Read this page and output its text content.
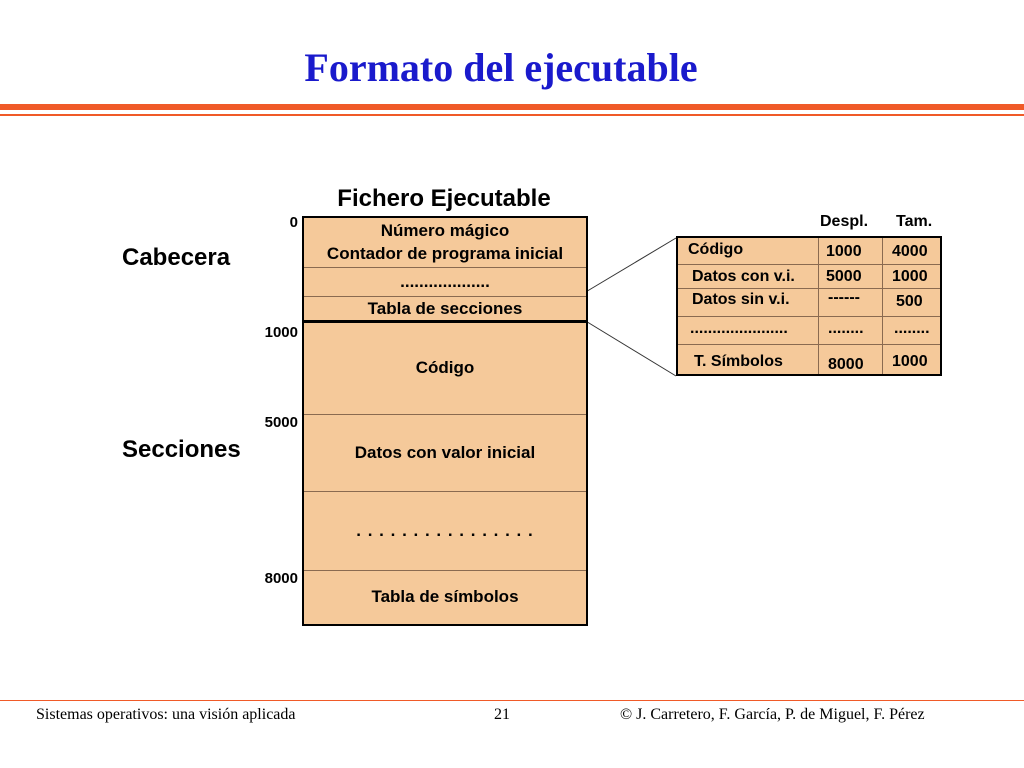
Formato del ejecutable
Fichero Ejecutable
Cabecera
Secciones
0
1000
5000
8000
Número mágico
Contador de programa inicial
...................
Tabla de secciones
Código
Datos con valor inicial
. . . . . . . . . . . . . . . .
Tabla de símbolos
Despl. Tam.
Código	1000 4000
Datos con v.i. 5000 1000
Datos sin v.i. ------ 500
......................	........ ........
T. Símbolos	8000 1000
Sistemas operativos: una visión aplicada	21	© J. Carretero, F. García, P. de Miguel, F. Pérez
